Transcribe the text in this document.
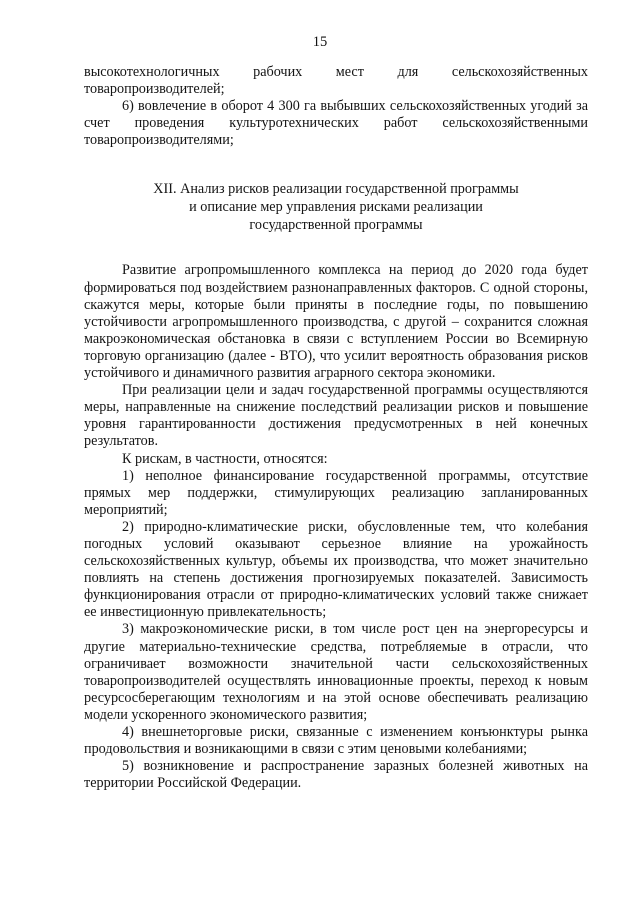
15

высокотехнологичных рабочих мест для сельскохозяйственных товаропроизводителей;

6) вовлечение в оборот 4 300 га выбывших сельскохозяйственных угодий за счет проведения культуротехнических работ сельскохозяйственными товаропроизводителями;

XII. Анализ рисков реализации государственной программы
и описание мер управления рисками реализации
государственной программы

Развитие агропромышленного комплекса на период до 2020 года будет формироваться под воздействием разнонаправленных факторов. С одной стороны, скажутся меры, которые были приняты в последние годы, по повышению устойчивости агропромышленного производства, с другой – сохранится сложная макроэкономическая обстановка в связи с вступлением России во Всемирную торговую организацию (далее - ВТО), что усилит вероятность образования рисков устойчивого и динамичного развития аграрного сектора экономики.

При реализации цели и задач государственной программы осуществляются меры, направленные на снижение последствий реализации рисков и повышение уровня гарантированности достижения предусмотренных в ней конечных результатов.

К рискам, в частности, относятся:

1) неполное финансирование государственной программы, отсутствие прямых мер поддержки, стимулирующих реализацию запланированных мероприятий;

2) природно-климатические риски, обусловленные тем, что колебания погодных условий оказывают серьезное влияние на урожайность сельскохозяйственных культур, объемы их производства, что может значительно повлиять на степень достижения прогнозируемых показателей. Зависимость функционирования отрасли от природно-климатических условий также снижает ее инвестиционную привлекательность;

3) макроэкономические риски, в том числе рост цен на энергоресурсы и другие материально-технические средства, потребляемые в отрасли, что ограничивает возможности значительной части сельскохозяйственных товаропроизводителей осуществлять инновационные проекты, переход к новым ресурсосберегающим технологиям и на этой основе обеспечивать реализацию модели ускоренного экономического развития;

4) внешнеторговые риски, связанные с изменением конъюнктуры рынка продовольствия и возникающими в связи с этим ценовыми колебаниями;

5) возникновение и распространение заразных болезней животных на территории Российской Федерации.
